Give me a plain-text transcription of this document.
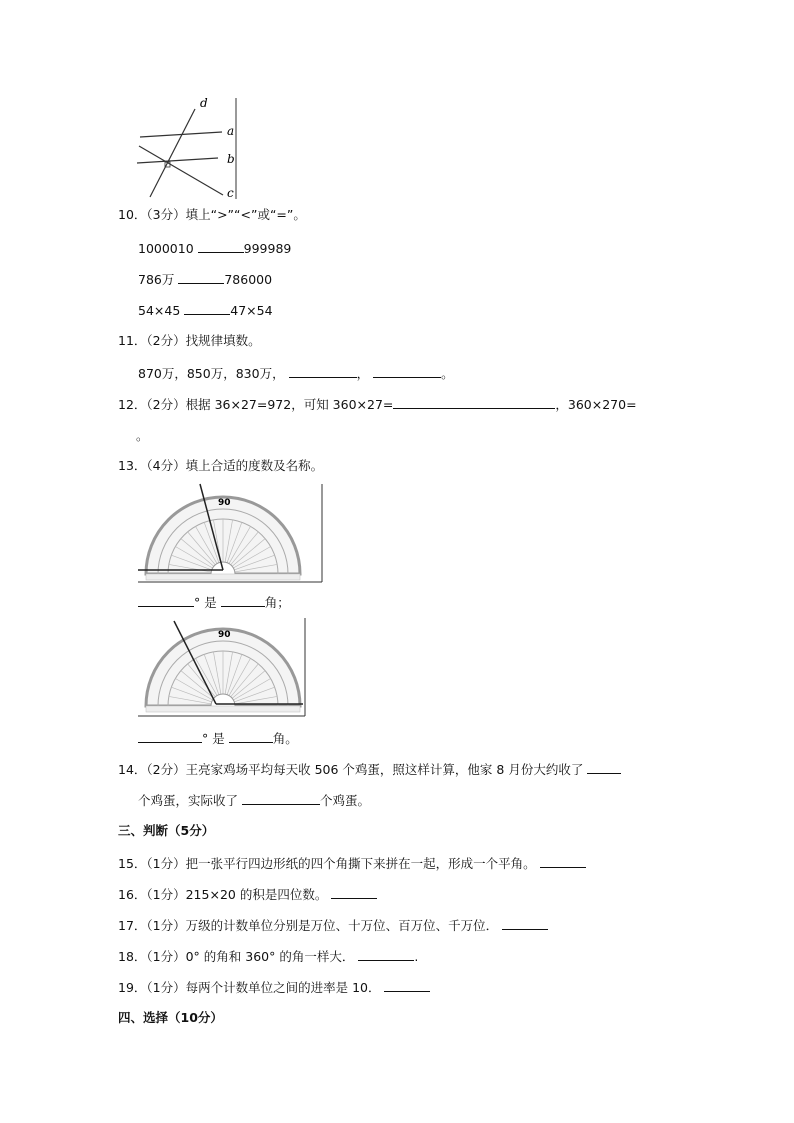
d
a
b
c
10．（3分）填上“>”“<”或“=”。
1000010	999989
786万	786000
54×45	47×54
11．（2分）找规律填数。
870万，850万，830万，	，	。
12．（2分）根据 36×27=972，可知 360×27=	，360×270=
。
13．（4分）填上合适的度数及名称。
90
° 是	角；
90
° 是	角。
14．（2分）王亮家鸡场平均每天收 506 个鸡蛋，照这样计算，他家 8 月份大约收了
个鸡蛋，实际收了	个鸡蛋。
三、判断（5分）
15．（1分）把一张平行四边形纸的四个角撕下来拼在一起，形成一个平角。
16．（1分）215×20 的积是四位数。
17．（1分）万级的计数单位分别是万位、十万位、百万位、千万位．
18．（1分）0° 的角和 360° 的角一样大．	.
19．（1分）每两个计数单位之间的进率是 10．
四、选择（10分）
